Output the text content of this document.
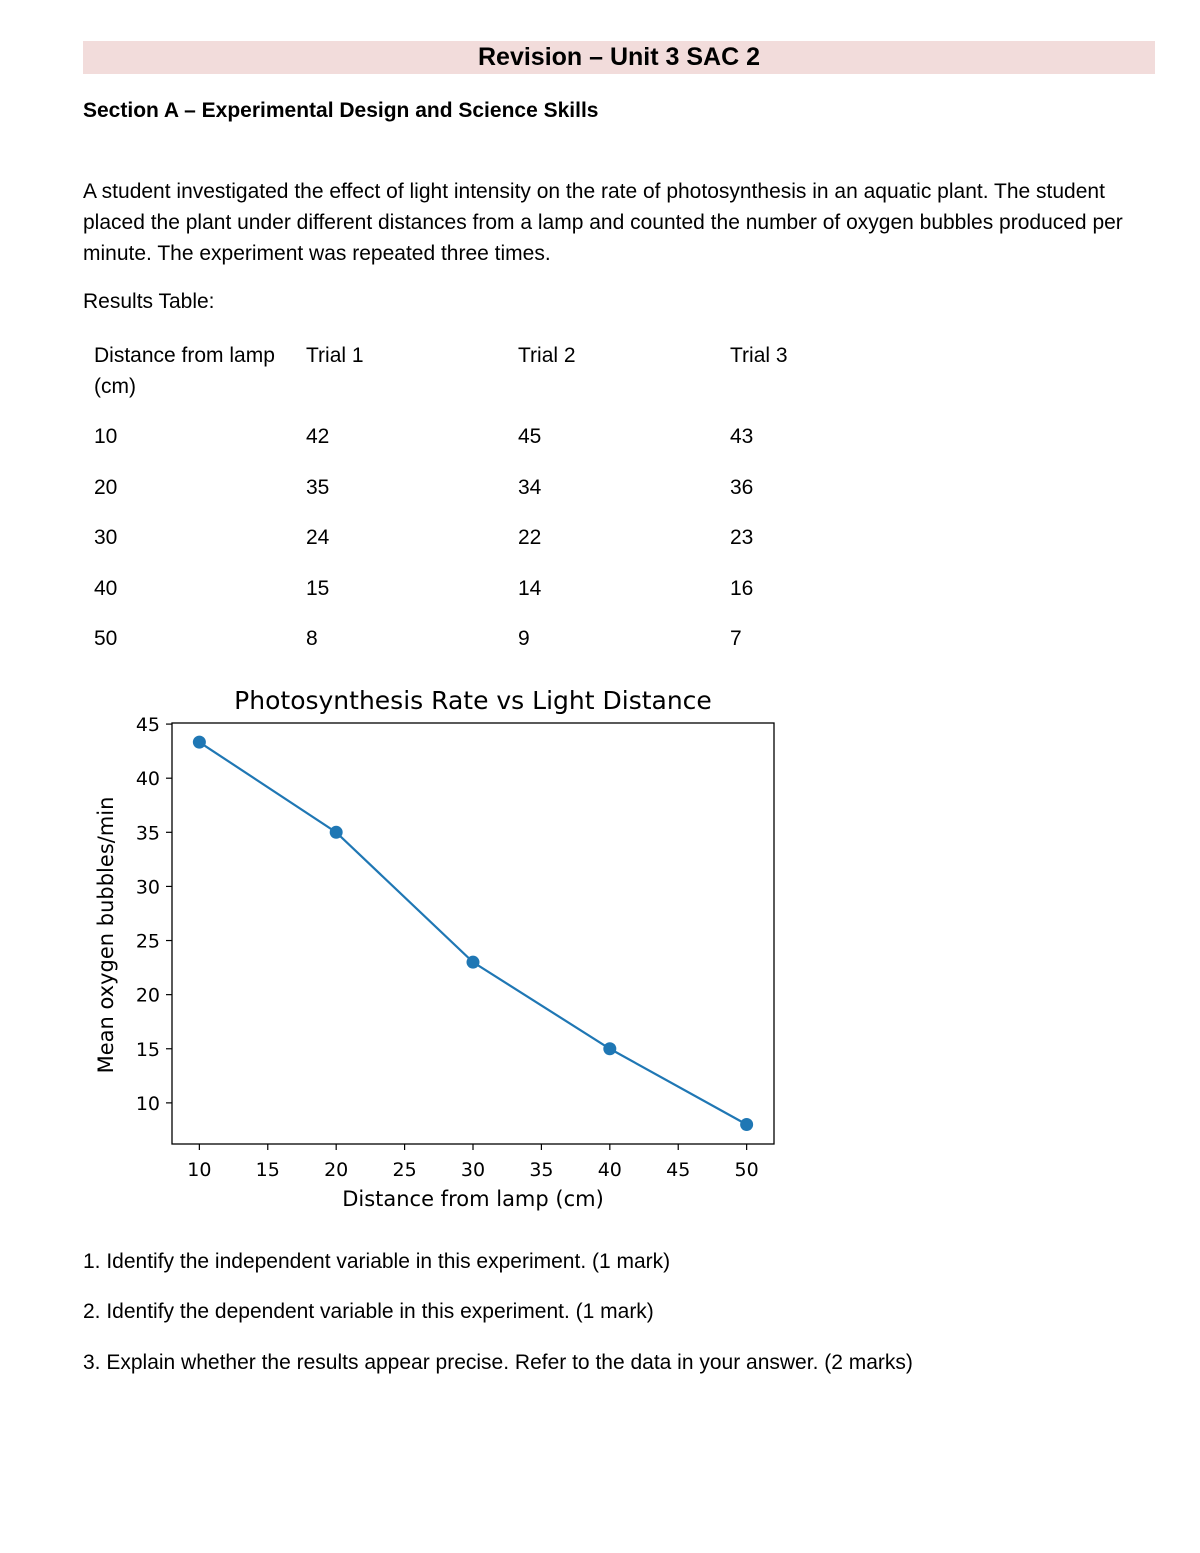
Revision – Unit 3 SAC 2
Section A – Experimental Design and Science Skills

A student investigated the effect of light intensity on the rate of photosynthesis in an aquatic plant. The student placed the plant under different distances from a lamp and counted the number of oxygen bubbles produced per minute. The experiment was repeated three times.

Results Table:
Distance from lamp (cm)	Trial 1	Trial 2	Trial 3
10	42	45	43
20	35	34	36
30	24	22	23
40	15	14	16
50	8	9	7
Photosynthesis Rate vs Light Distance
Distance from lamp (cm)
Mean oxygen bubbles/min
10 15 20 25 30 35 40 45 50
10
15
20
25
30
35
40
45
1. Identify the independent variable in this experiment. (1 mark)
2. Identify the dependent variable in this experiment. (1 mark)
3. Explain whether the results appear precise. Refer to the data in your answer. (2 marks)
